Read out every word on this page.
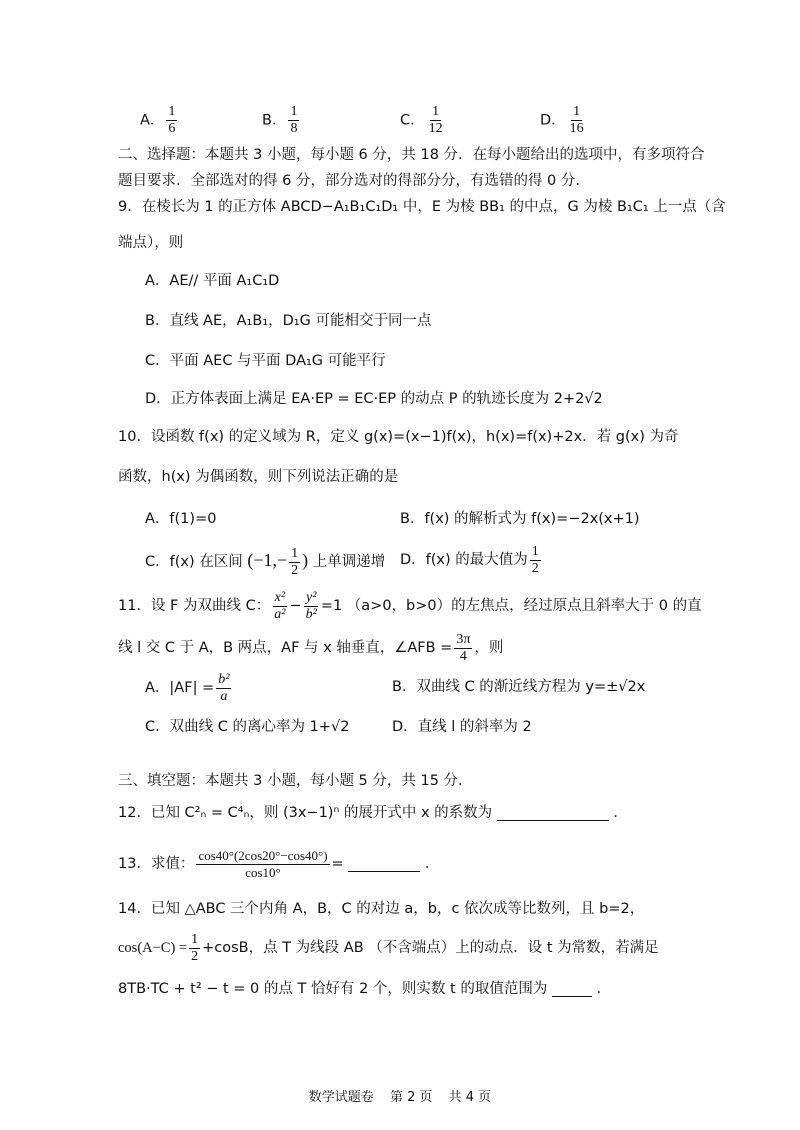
A． $\frac{1}{6}$	B． $\frac{1}{8}$	C． $\frac{1}{12}$	D． $\frac{1}{16}$
二、选择题：本题共 3 小题，每小题 6 分，共 18 分．在每小题给出的选项中，有多项符合
题目要求．全部选对的得 6 分，部分选对的得部分分，有选错的得 0 分．
9．在棱长为 1 的正方体 ABCD−A₁B₁C₁D₁ 中，E 为棱 BB₁ 的中点，G 为棱 B₁C₁ 上一点（含
端点），则
A．AE// 平面 A₁C₁D
B．直线 AE，A₁B₁，D₁G 可能相交于同一点
C．平面 AEC 与平面 DA₁G 可能平行
D．正方体表面上满足 EA·EP = EC·EP 的动点 P 的轨迹长度为 2+2√2
10．设函数 f(x) 的定义域为 R，定义 g(x)=(x−1)f(x)，h(x)=f(x)+2x．若 g(x) 为奇
函数，h(x) 为偶函数，则下列说法正确的是
A．f(1)=0	B．f(x) 的解析式为 f(x)=−2x(x+1)
C．f(x) 在区间 ($-1,- \frac{1}{2}$ ) 上单调递增 D．f(x) 的最大值为 $\frac{1}{2}$
11．设 F 为双曲线 C： $\frac{\text{x²}}{\text{a²}} - \frac{\text{y²}}{\text{b²}} =1$ （a>0，b>0）的左焦点，经过原点且斜率大于 0 的直
线 l 交 C 于 A，B 两点，AF 与 x 轴垂直，∠AFB = $\frac{3\pi}{4}$ ，则
A．$|AF| = \frac{\text{b²}}{a}$	B．双曲线 C 的渐近线方程为 y=±√2x
C．双曲线 C 的离心率为 1+√2	D．直线 l 的斜率为 2
三、填空题：本题共 3 小题，每小题 5 分，共 15 分．
12．已知 C²ₙ = C⁴ₙ，则 (3x−1)ⁿ 的展开式中 x 的系数为	．
13．求值： $\frac{\cos 40^\circ(2\cos 20^\circ-\cos 40^\circ)}{\cos 10^\circ}$ =	．
14．已知 △ABC 三个内角 A，B，C 的对边 a，b，c 依次成等比数列，且 b=2，
$\cos(A-C) = \frac{1}{2} +\cos B$，点 T 为线段 AB （不含端点）上的动点．设 t 为常数，若满足
8TB·TC + t² − t = 0 的点 T 恰好有 2 个，则实数 t 的取值范围为	．
数学试题卷 第 2 页 共 4 页
